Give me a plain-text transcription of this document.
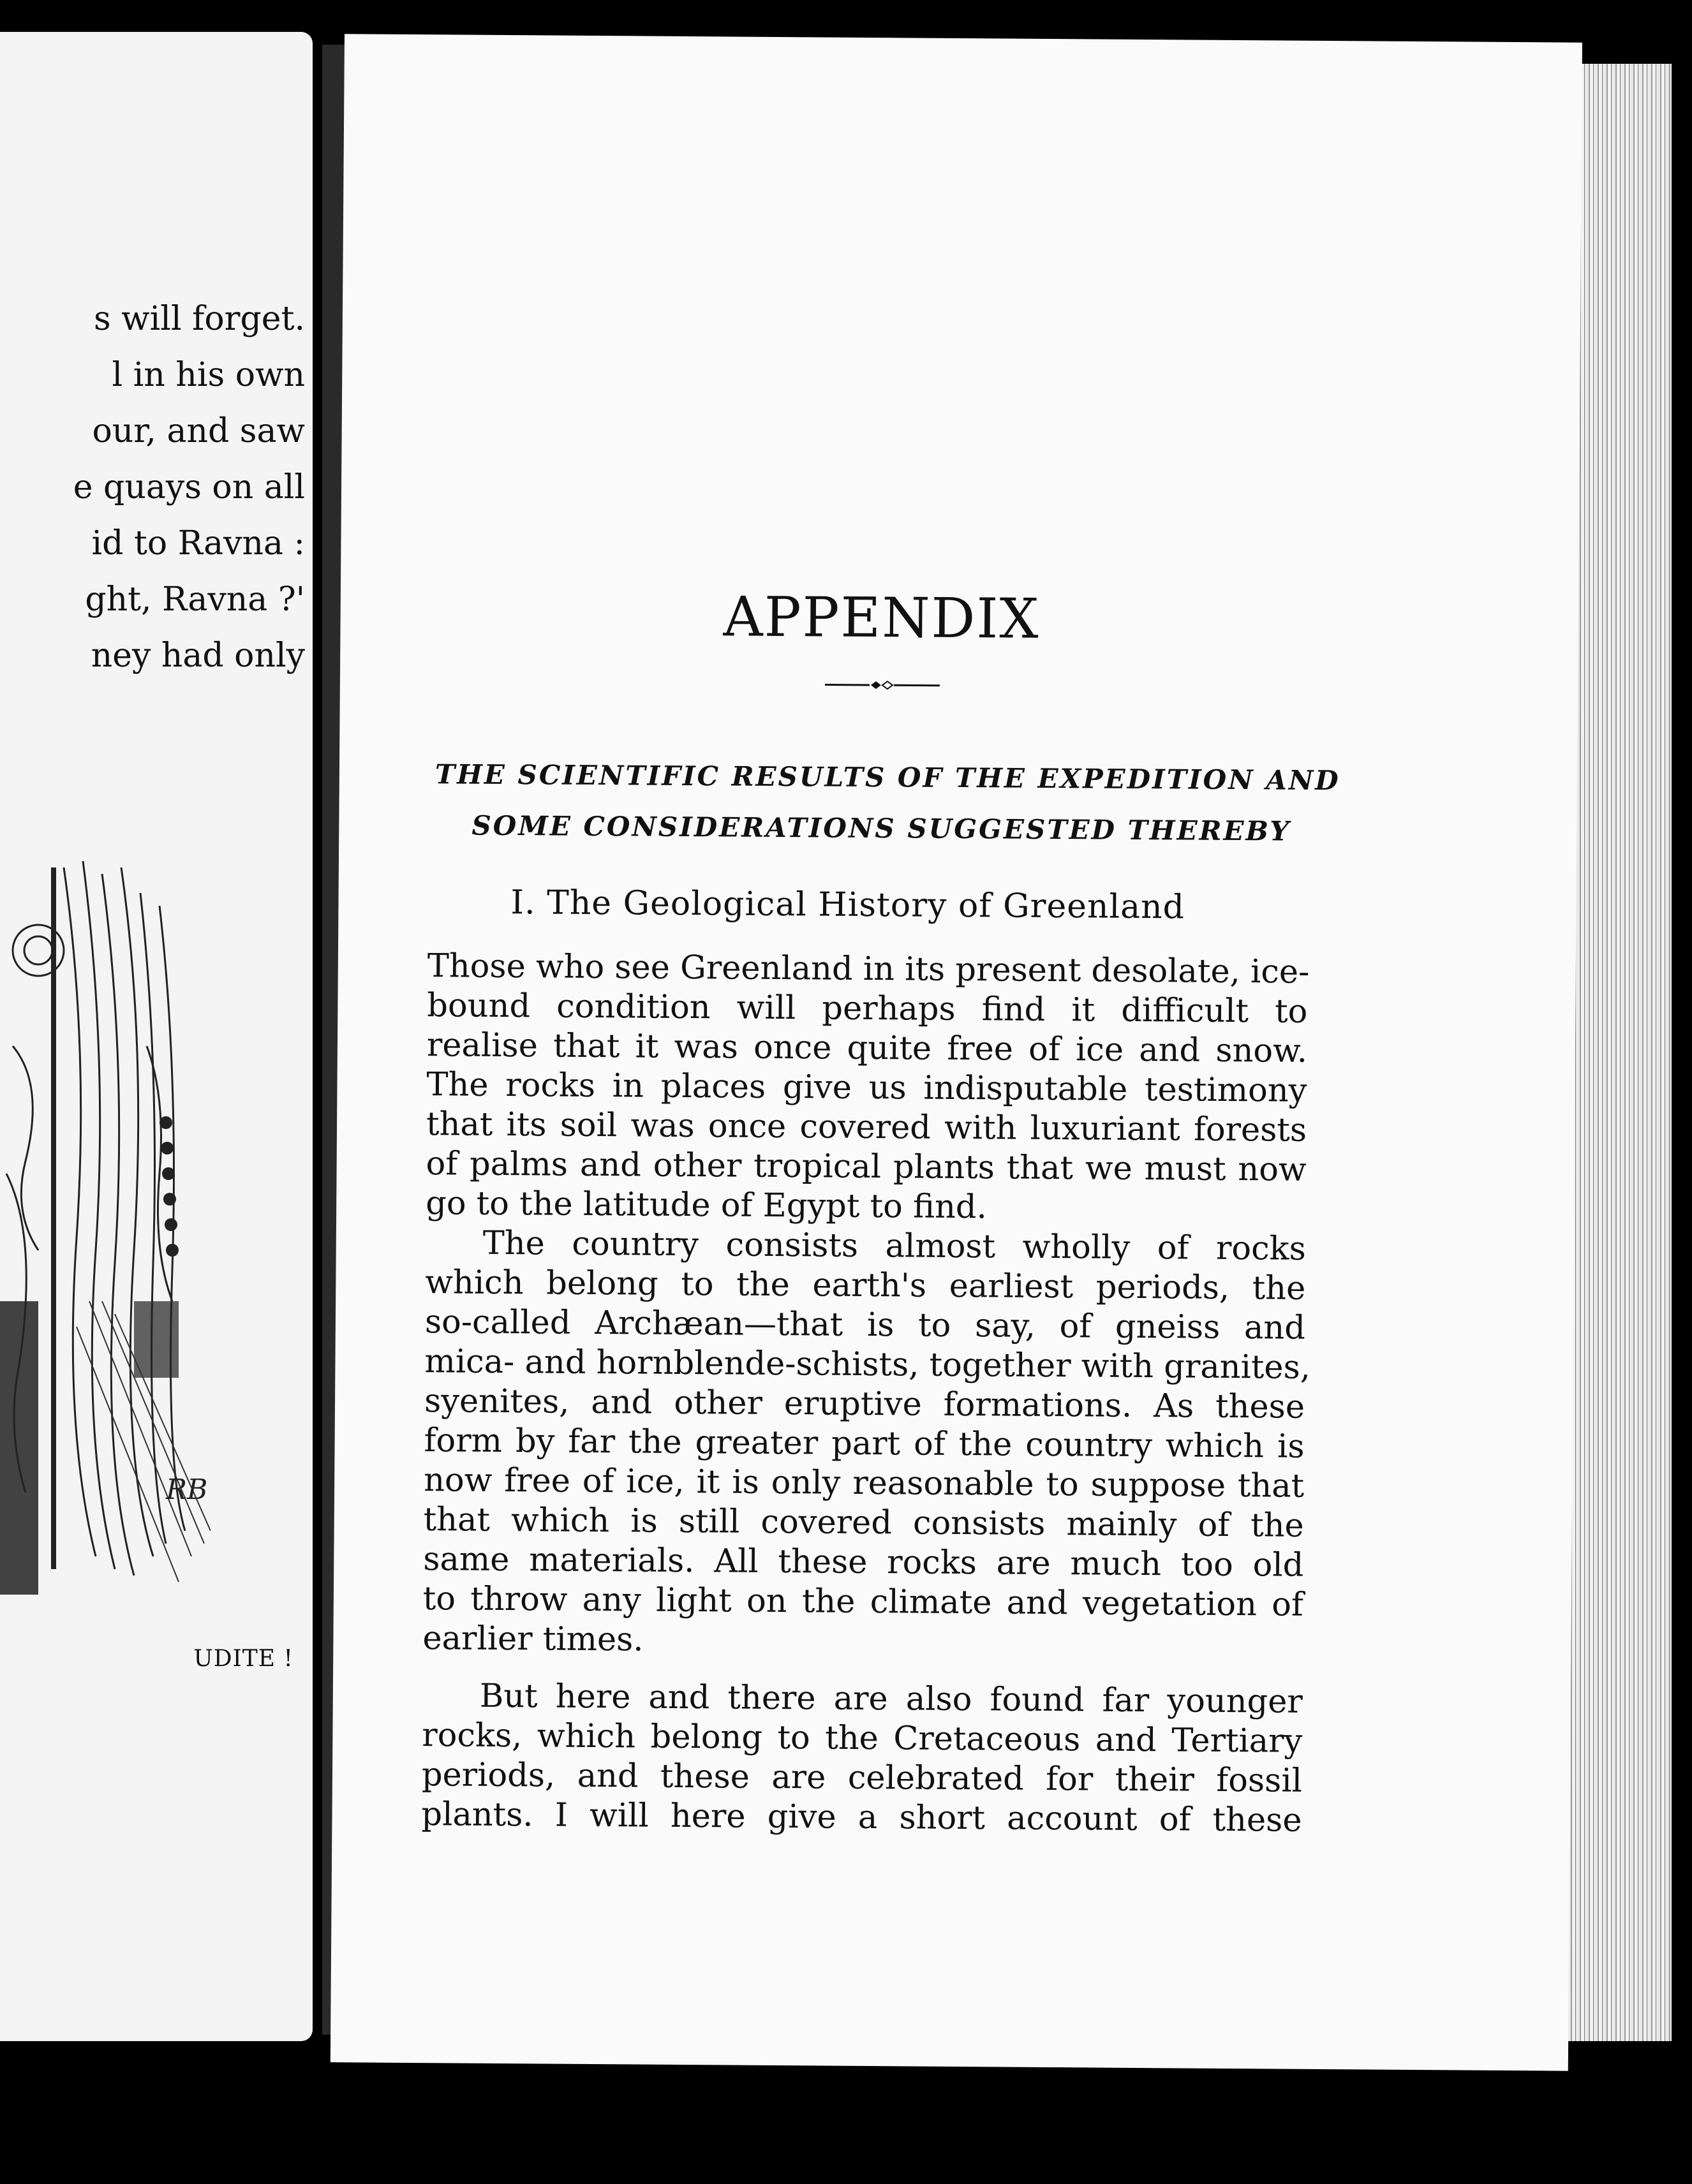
s will forget.
l in his own
our, and saw
e quays on all
id to Ravna :
ght, Ravna ?'
ney had only
RB
UDITE !
APPENDIX
THE SCIENTIFIC RESULTS OF THE EXPEDITION AND
SOME CONSIDERATIONS SUGGESTED THEREBY
I. The Geological History of Greenland
Those who see Greenland in its present desolate, ice-
bound condition will perhaps find it difficult to
realise that it was once quite free of ice and snow.
The rocks in places give us indisputable testimony
that its soil was once covered with luxuriant forests
of palms and other tropical plants that we must now
go to the latitude of Egypt to find.
The country consists almost wholly of rocks
which belong to the earth's earliest periods, the
so-called Archæan—that is to say, of gneiss and
mica- and hornblende-schists, together with granites,
syenites, and other eruptive formations. As these
form by far the greater part of the country which is
now free of ice, it is only reasonable to suppose that
that which is still covered consists mainly of the
same materials. All these rocks are much too old
to throw any light on the climate and vegetation of
earlier times.
But here and there are also found far younger
rocks, which belong to the Cretaceous and Tertiary
periods, and these are celebrated for their fossil
plants. I will here give a short account of these
